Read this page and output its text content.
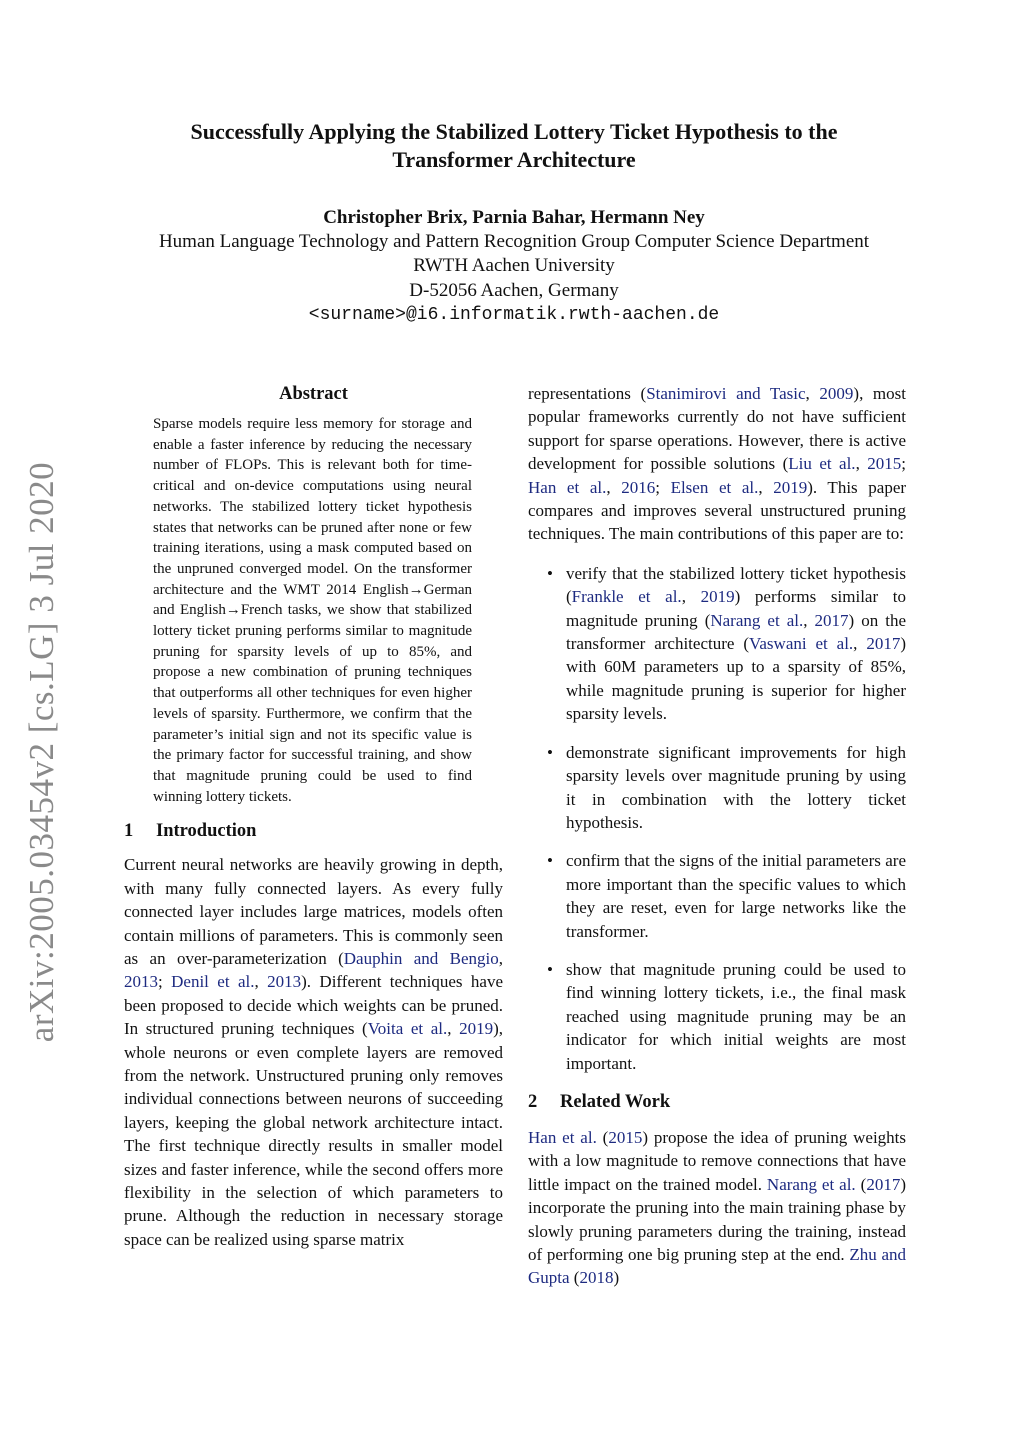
arXiv:2005.03454v2 [cs.LG] 3 Jul 2020
Successfully Applying the Stabilized Lottery Ticket Hypothesis to the
Transformer Architecture
Christopher Brix, Parnia Bahar, Hermann Ney
Human Language Technology and Pattern Recognition Group Computer Science Department
RWTH Aachen University
D-52056 Aachen, Germany
<surname>@i6.informatik.rwth-aachen.de
Abstract

Sparse models require less memory for storage and enable a faster inference by reducing the necessary number of FLOPs. This is relevant both for time-critical and on-device computations using neural networks. The stabilized lottery ticket hypothesis states that networks can be pruned after none or few training iterations, using a mask computed based on the unpruned converged model. On the transformer architecture and the WMT 2014 English→German and English→French tasks, we show that stabilized lottery ticket pruning performs similar to magnitude pruning for sparsity levels of up to 85%, and propose a new combination of pruning techniques that outperforms all other techniques for even higher levels of sparsity. Furthermore, we confirm that the parameter’s initial sign and not its specific value is the primary factor for successful training, and show that magnitude pruning could be used to find winning lottery tickets.

1 Introduction

Current neural networks are heavily growing in depth, with many fully connected layers. As every fully connected layer includes large matrices, models often contain millions of parameters. This is commonly seen as an over-parameterization (Dauphin and Bengio, 2013; Denil et al., 2013). Different techniques have been proposed to decide which weights can be pruned. In structured pruning techniques (Voita et al., 2019), whole neurons or even complete layers are removed from the network. Unstructured pruning only removes individual connections between neurons of succeeding layers, keeping the global network architecture intact. The first technique directly results in smaller model sizes and faster inference, while the second offers more flexibility in the selection of which parameters to prune. Although the reduction in necessary storage space can be realized using sparse matrix

representations (Stanimirovi and Tasic, 2009), most popular frameworks currently do not have sufficient support for sparse operations. However, there is active development for possible solutions (Liu et al., 2015; Han et al., 2016; Elsen et al., 2019). This paper compares and improves several unstructured pruning techniques. The main contributions of this paper are to:

• verify that the stabilized lottery ticket hypothesis (Frankle et al., 2019) performs similar to magnitude pruning (Narang et al., 2017) on the transformer architecture (Vaswani et al., 2017) with 60M parameters up to a sparsity of 85%, while magnitude pruning is superior for higher sparsity levels.
• demonstrate significant improvements for high sparsity levels over magnitude pruning by using it in combination with the lottery ticket hypothesis.
• confirm that the signs of the initial parameters are more important than the specific values to which they are reset, even for large networks like the transformer.
• show that magnitude pruning could be used to find winning lottery tickets, i.e., the final mask reached using magnitude pruning may be an indicator for which initial weights are most important.
2 Related Work

Han et al. (2015) propose the idea of pruning weights with a low magnitude to remove connections that have little impact on the trained model. Narang et al. (2017) incorporate the pruning into the main training phase by slowly pruning parameters during the training, instead of performing one big pruning step at the end. Zhu and Gupta (2018)
